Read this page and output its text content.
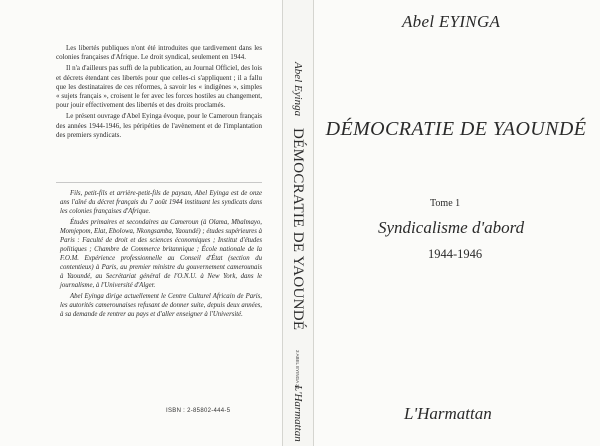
Les libertés publiques n'ont été introduites que tardivement dans les colonies françaises d'Afrique. Le droit syndical, seulement en 1944.

Il n'a d'ailleurs pas suffi de la publication, au Journal Officiel, des lois et décrets étendant ces libertés pour que celles-ci s'appliquent ; il a fallu que les destinataires de ces réformes, à savoir les « indigènes », simples « sujets français », croisent le fer avec les forces hostiles au changement, pour jouir effectivement des libertés et des droits proclamés.

Le présent ouvrage d'Abel Eyinga évoque, pour le Cameroun français des années 1944-1946, les péripéties de l'avènement et de l'implantation des premiers syndicats.

Fils, petit-fils et arrière-petit-fils de paysan, Abel Eyinga est de onze ans l'aîné du décret français du 7 août 1944 instituant les syndicats dans les colonies françaises d'Afrique.

Études primaires et secondaires au Cameroun (à Olama, Mbalmayo, Momjepom, Elat, Ebolowa, Nkongsamba, Yaoundé) ; études supérieures à Paris : Faculté de droit et des sciences économiques ; Institut d'études politiques ; Chambre de Commerce britannique ; École nationale de la F.O.M. Expérience professionnelle au Conseil d'État (section du contentieux) à Paris, au premier ministre du gouvernement camerounais à Yaoundé, au Secrétariat général de l'O.N.U. à New York, dans le journalisme, à l'Université d'Alger.

Abel Eyinga dirige actuellement le Centre Culturel Africain de Paris, les autorités camerounaises refusant de donner suite, depuis deux années, à sa demande de rentrer au pays et d'aller enseigner à l'Université.

ISBN : 2-85802-444-5
Abel Eyinga
DÉMOCRATIE DE YAOUNDÉ
3 ABEL EYINGA 32
L'Harmattan
Abel EYINGA
DÉMOCRATIE DE YAOUNDÉ
Tome 1
Syndicalisme d'abord
1944-1946
L'Harmattan
